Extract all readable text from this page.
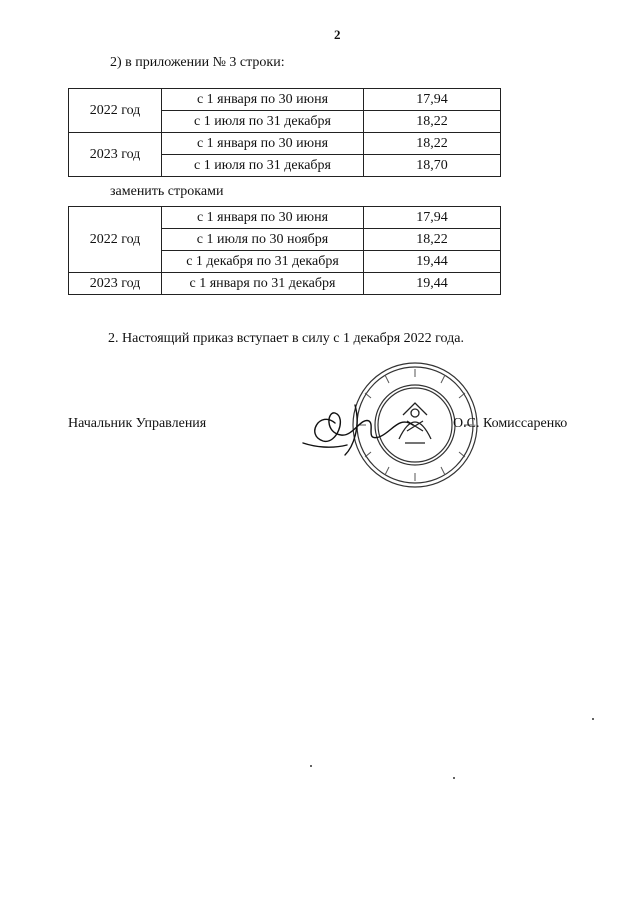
2
2) в приложении № 3 строки:
2022 год	с 1 января по 30 июня	17,94
	с 1 июля по 31 декабря	18,22
2023 год	с 1 января по 30 июня	18,22
	с 1 июля по 31 декабря	18,70
заменить строками
2022 год	с 1 января по 30 июня	17,94
	с 1 июля по 30 ноября	18,22
	с 1 декабря по 31 декабря	19,44
2023 год	с 1 января по 31 декабря	19,44
2. Настоящий приказ вступает в силу с 1 декабря 2022 года.
Начальник Управления	О.С. Комиссаренко
